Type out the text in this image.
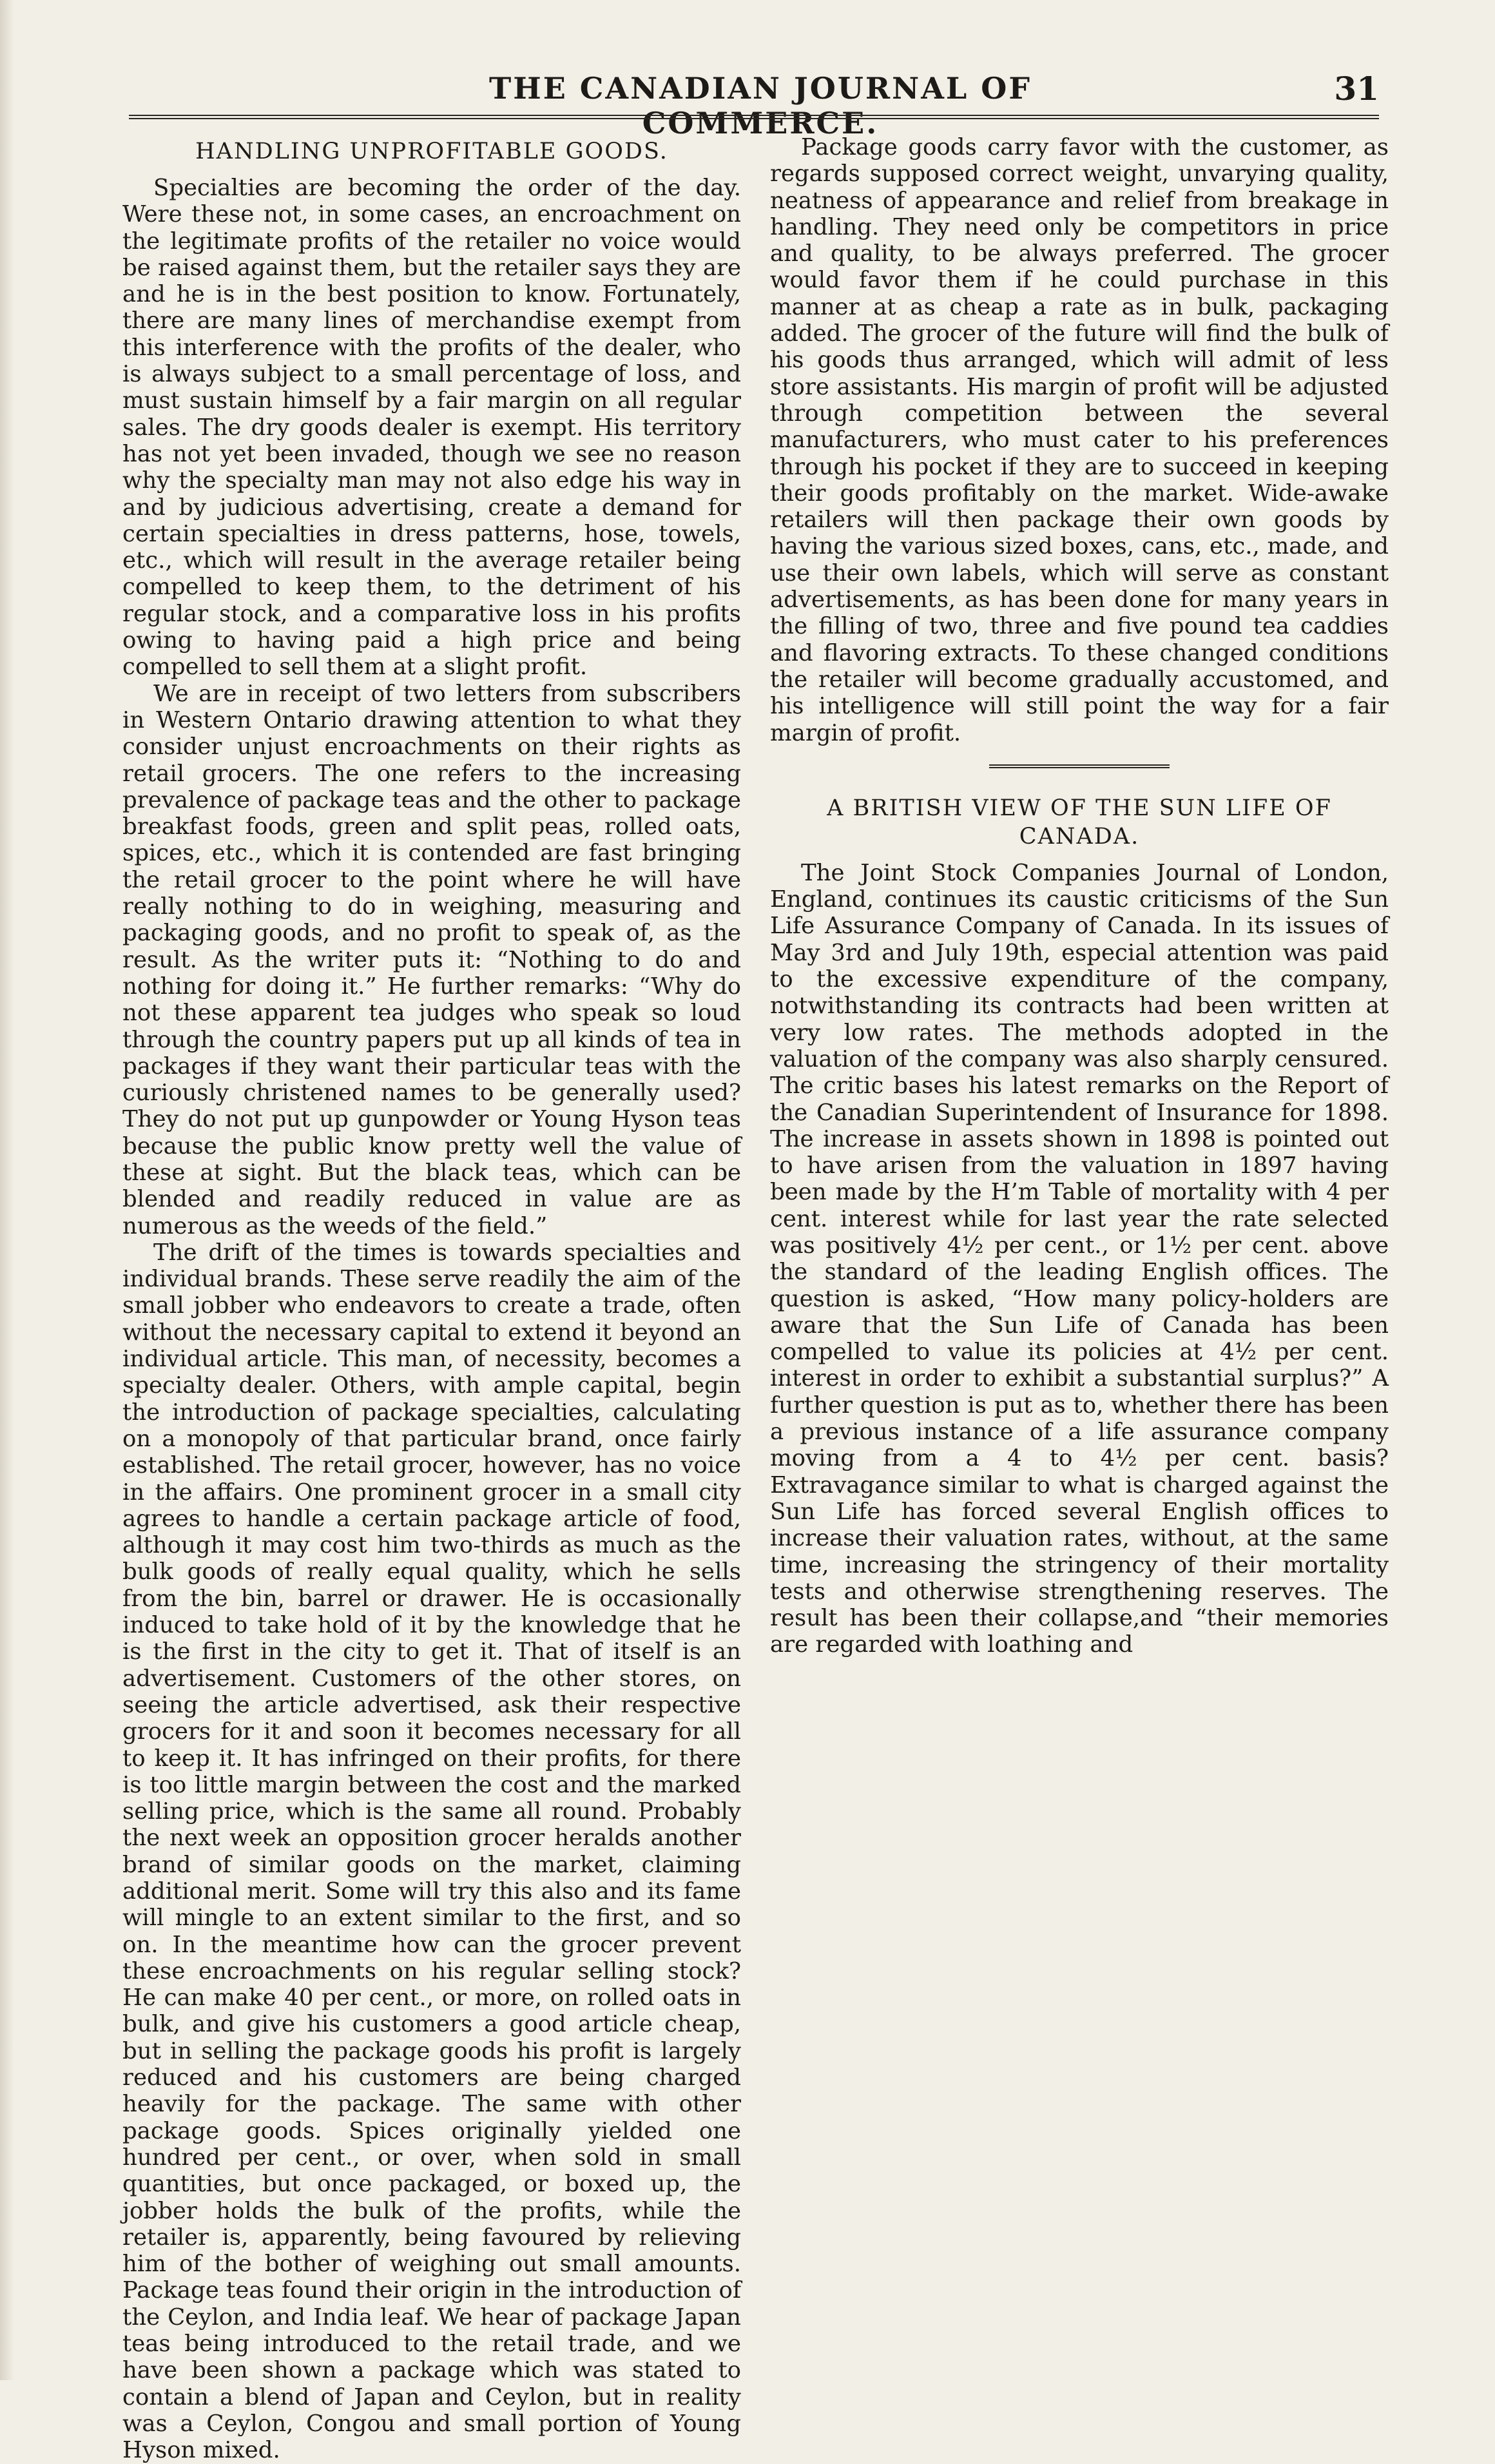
THE CANADIAN JOURNAL OF COMMERCE.
31
HANDLING UNPROFITABLE GOODS.

Specialties are becoming the order of the day. Were these not, in some cases, an encroachment on the legitimate profits of the retailer no voice would be raised against them, but the retailer says they are and he is in the best position to know. Fortunately, there are many lines of merchandise exempt from this interference with the profits of the dealer, who is always subject to a small percentage of loss, and must sustain himself by a fair margin on all regular sales. The dry goods dealer is exempt. His territory has not yet been invaded, though we see no reason why the specialty man may not also edge his way in and by judicious advertising, create a demand for certain specialties in dress patterns, hose, towels, etc., which will result in the average retailer being compelled to keep them, to the detriment of his regular stock, and a comparative loss in his profits owing to having paid a high price and being compelled to sell them at a slight profit.

We are in receipt of two letters from subscribers in Western Ontario drawing attention to what they consider unjust encroachments on their rights as retail grocers. The one refers to the increasing prevalence of package teas and the other to package breakfast foods, green and split peas, rolled oats, spices, etc., which it is contended are fast bringing the retail grocer to the point where he will have really nothing to do in weighing, measuring and packaging goods, and no profit to speak of, as the result. As the writer puts it: “Nothing to do and nothing for doing it.” He further remarks: “Why do not these apparent tea judges who speak so loud through the country papers put up all kinds of tea in packages if they want their particular teas with the curiously christened names to be generally used? They do not put up gunpowder or Young Hyson teas because the public know pretty well the value of these at sight. But the black teas, which can be blended and readily reduced in value are as numerous as the weeds of the field.”

The drift of the times is towards specialties and individual brands. These serve readily the aim of the small jobber who endeavors to create a trade, often without the necessary capital to extend it beyond an individual article. This man, of necessity, becomes a specialty dealer. Others, with ample capital, begin the introduction of package specialties, calculating on a monopoly of that particular brand, once fairly established. The retail grocer, however, has no voice in the affairs. One prominent grocer in a small city agrees to handle a certain package article of food, although it may cost him two-thirds as much as the bulk goods of really equal quality, which he sells from the bin, barrel or drawer. He is occasionally induced to take hold of it by the knowledge that he is the first in the city to get it. That of itself is an advertisement. Customers of the other stores, on seeing the article advertised, ask their respective grocers for it and soon it becomes necessary for all to keep it. It has infringed on their profits, for there is too little margin between the cost and the marked selling price, which is the same all round. Probably the next week an opposition grocer heralds another brand of similar goods on the market, claiming additional merit. Some will try this also and its fame will mingle to an extent similar to the first, and so on. In the meantime how can the grocer prevent these encroachments on his regular selling stock? He can make 40 per cent., or more, on rolled oats in bulk, and give his customers a good article cheap, but in selling the package goods his profit is largely reduced and his customers are being charged heavily for the package. The same with other package goods. Spices originally yielded one hundred per cent., or over, when sold in small quantities, but once packaged, or boxed up, the jobber holds the bulk of the profits, while the retailer is, apparently, being favoured by relieving him of the bother of weighing out small amounts. Package teas found their origin in the introduction of the Ceylon, and India leaf. We hear of package Japan teas being introduced to the retail trade, and we have been shown a package which was stated to contain a blend of Japan and Ceylon, but in reality was a Ceylon, Congou and small portion of Young Hyson mixed.

Package goods carry favor with the customer, as regards supposed correct weight, unvarying quality, neatness of appearance and relief from breakage in handling. They need only be competitors in price and quality, to be always preferred. The grocer would favor them if he could purchase in this manner at as cheap a rate as in bulk, packaging added. The grocer of the future will find the bulk of his goods thus arranged, which will admit of less store assistants. His margin of profit will be adjusted through competition between the several manufacturers, who must cater to his preferences through his pocket if they are to succeed in keeping their goods profitably on the market. Wide-awake retailers will then package their own goods by having the various sized boxes, cans, etc., made, and use their own labels, which will serve as constant advertisements, as has been done for many years in the filling of two, three and five pound tea caddies and flavoring extracts. To these changed conditions the retailer will become gradually accustomed, and his intelligence will still point the way for a fair margin of profit.

A BRITISH VIEW OF THE SUN LIFE OF CANADA.

The Joint Stock Companies Journal of London, England, continues its caustic criticisms of the Sun Life Assurance Company of Canada. In its issues of May 3rd and July 19th, especial attention was paid to the excessive expenditure of the company, notwithstanding its contracts had been written at very low rates. The methods adopted in the valuation of the company was also sharply censured. The critic bases his latest remarks on the Report of the Canadian Superintendent of Insurance for 1898. The increase in assets shown in 1898 is pointed out to have arisen from the valuation in 1897 having been made by the H’m Table of mortality with 4 per cent. interest while for last year the rate selected was positively 4½ per cent., or 1½ per cent. above the standard of the leading English offices. The question is asked, “How many policy-holders are aware that the Sun Life of Canada has been compelled to value its policies at 4½ per cent. interest in order to exhibit a substantial surplus?” A further question is put as to, whether there has been a previous instance of a life assurance company moving from a 4 to 4½ per cent. basis? Extravagance similar to what is charged against the Sun Life has forced several English offices to increase their valuation rates, without, at the same time, increasing the stringency of their mortality tests and otherwise strengthening reserves. The result has been their collapse,and “their memories are regarded with loathing and
